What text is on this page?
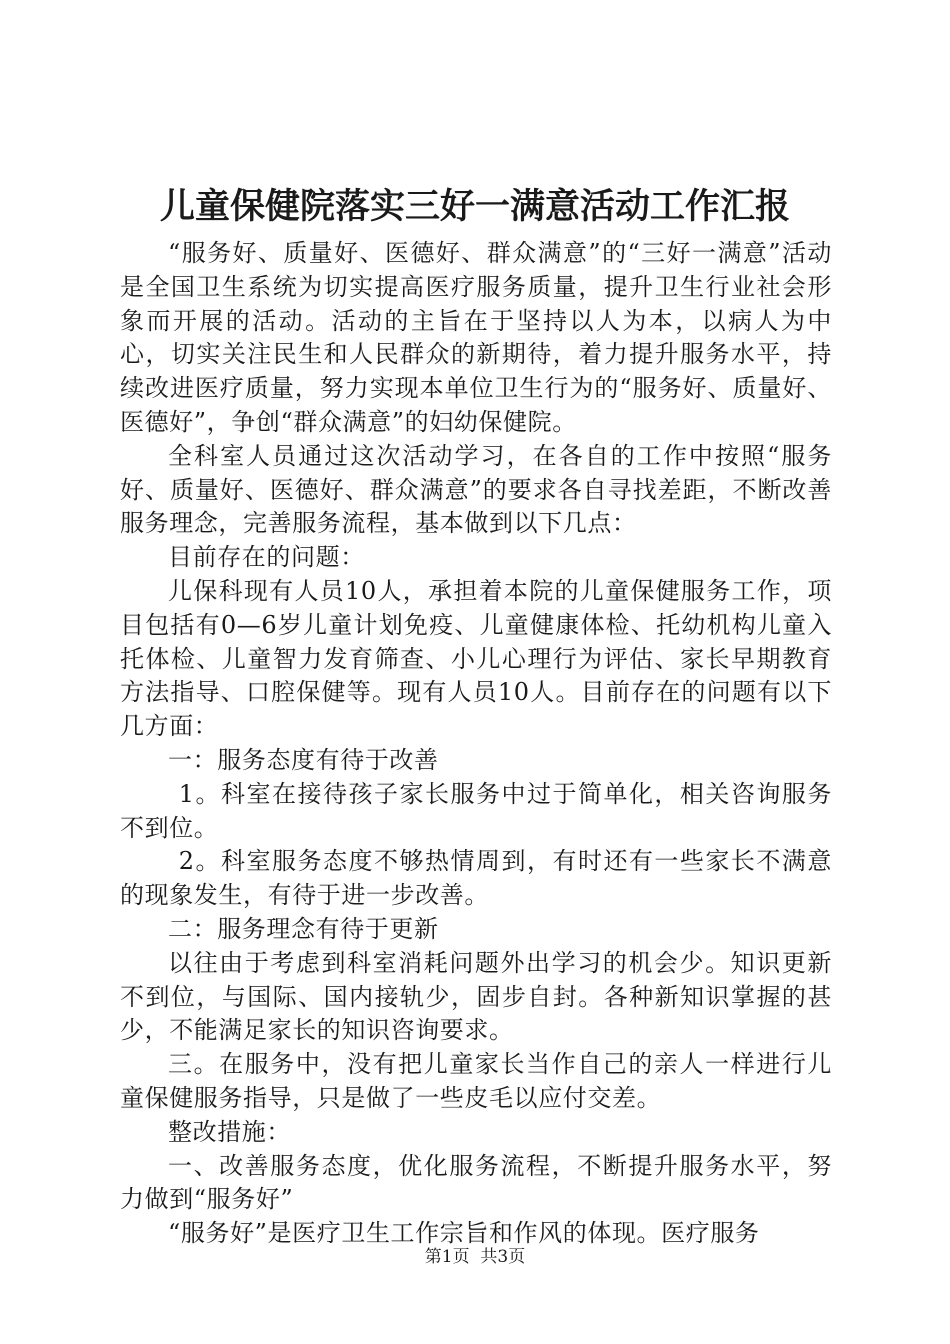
儿童保健院落实三好一满意活动工作汇报

“服务好、质量好、医德好、群众满意”的“三好一满意”活动是全国卫生系统为切实提高医疗服务质量，提升卫生行业社会形象而开展的活动。活动的主旨在于坚持以人为本，以病人为中心，切实关注民生和人民群众的新期待，着力提升服务水平，持续改进医疗质量，努力实现本单位卫生行为的“服务好、质量好、医德好”，争创“群众满意”的妇幼保健院。

全科室人员通过这次活动学习，在各自的工作中按照“服务好、质量好、医德好、群众满意”的要求各自寻找差距，不断改善服务理念，完善服务流程，基本做到以下几点：

目前存在的问题：

儿保科现有人员10人，承担着本院的儿童保健服务工作，项目包括有0—6岁儿童计划免疫、儿童健康体检、托幼机构儿童入托体检、儿童智力发育筛查、小儿心理行为评估、家长早期教育方法指导、口腔保健等。现有人员10人。目前存在的问题有以下几方面：

一：服务态度有待于改善

1。科室在接待孩子家长服务中过于简单化，相关咨询服务不到位。

2。科室服务态度不够热情周到，有时还有一些家长不满意的现象发生，有待于进一步改善。

二：服务理念有待于更新

以往由于考虑到科室消耗问题外出学习的机会少。知识更新不到位，与国际、国内接轨少，固步自封。各种新知识掌握的甚少，不能满足家长的知识咨询要求。

三。在服务中，没有把儿童家长当作自己的亲人一样进行儿童保健服务指导，只是做了一些皮毛以应付交差。

整改措施：

一、改善服务态度，优化服务流程，不断提升服务水平，努力做到“服务好”

“服务好”是医疗卫生工作宗旨和作风的体现。医疗服务

第1页  共3页
